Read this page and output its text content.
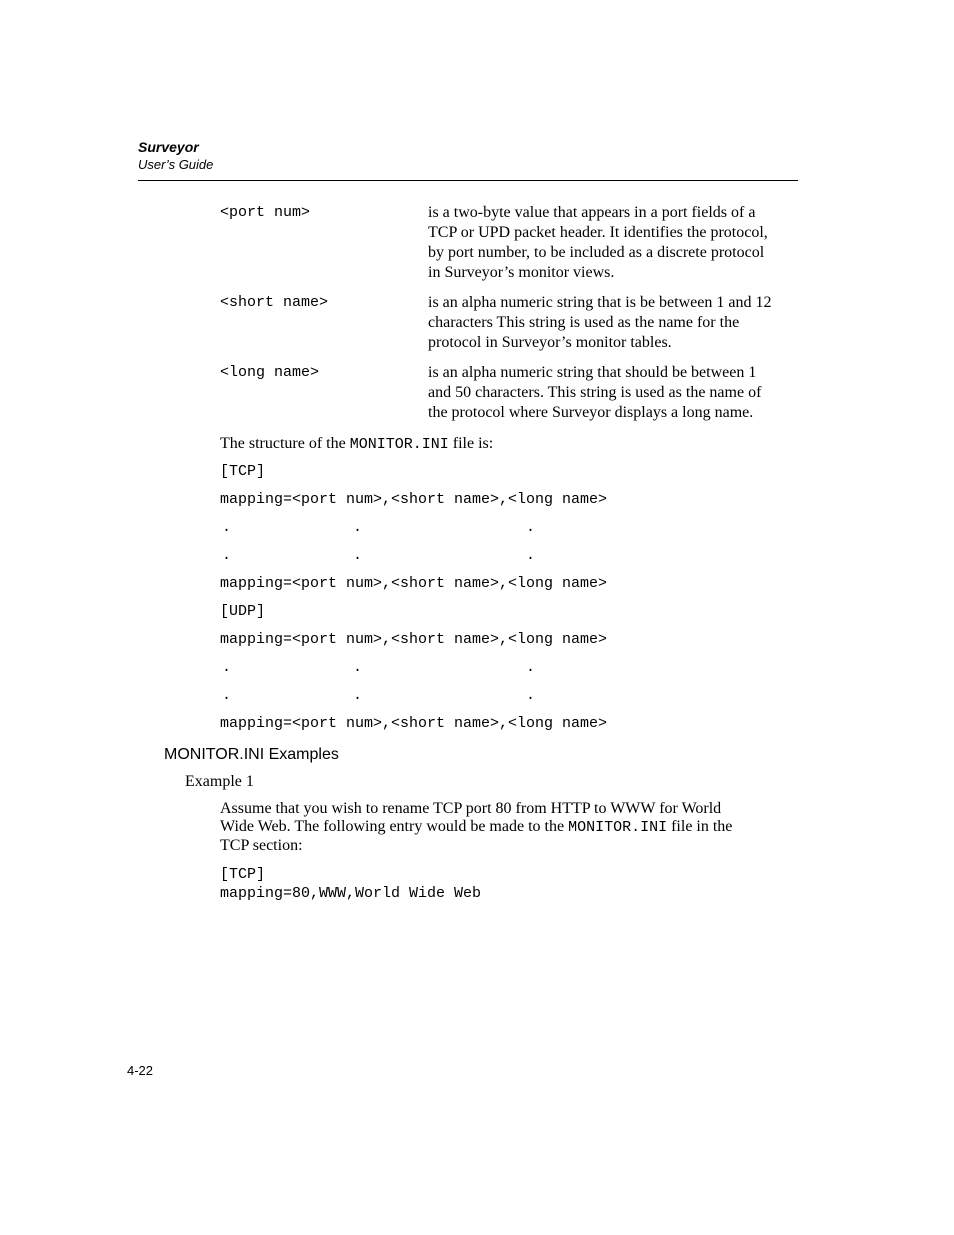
Surveyor
User’s Guide
<port num>	is a two-byte value that appears in a port fields of a
TCP or UPD packet header. It identifies the protocol,
by port number, to be included as a discrete protocol
in Surveyor’s monitor views.
<short name>	is an alpha numeric string that is be between 1 and 12
characters This string is used as the name for the
protocol in Surveyor’s monitor tables.
<long name>	is an alpha numeric string that should be between 1
and 50 characters. This string is used as the name of
the protocol where Surveyor displays a long name.
The structure of the MONITOR.INI file is:
[TCP]
mapping=<port num>,<short name>,<long name>
.	.	.
.	.	.
mapping=<port num>,<short name>,<long name>
[UDP]
mapping=<port num>,<short name>,<long name>
.	.	.
.	.	.
mapping=<port num>,<short name>,<long name>
MONITOR.INI Examples
Example 1
Assume that you wish to rename TCP port 80 from HTTP to WWW for World
Wide Web. The following entry would be made to the MONITOR.INI file in the
TCP section:
[TCP]
mapping=80,WWW,World Wide Web
4-22
